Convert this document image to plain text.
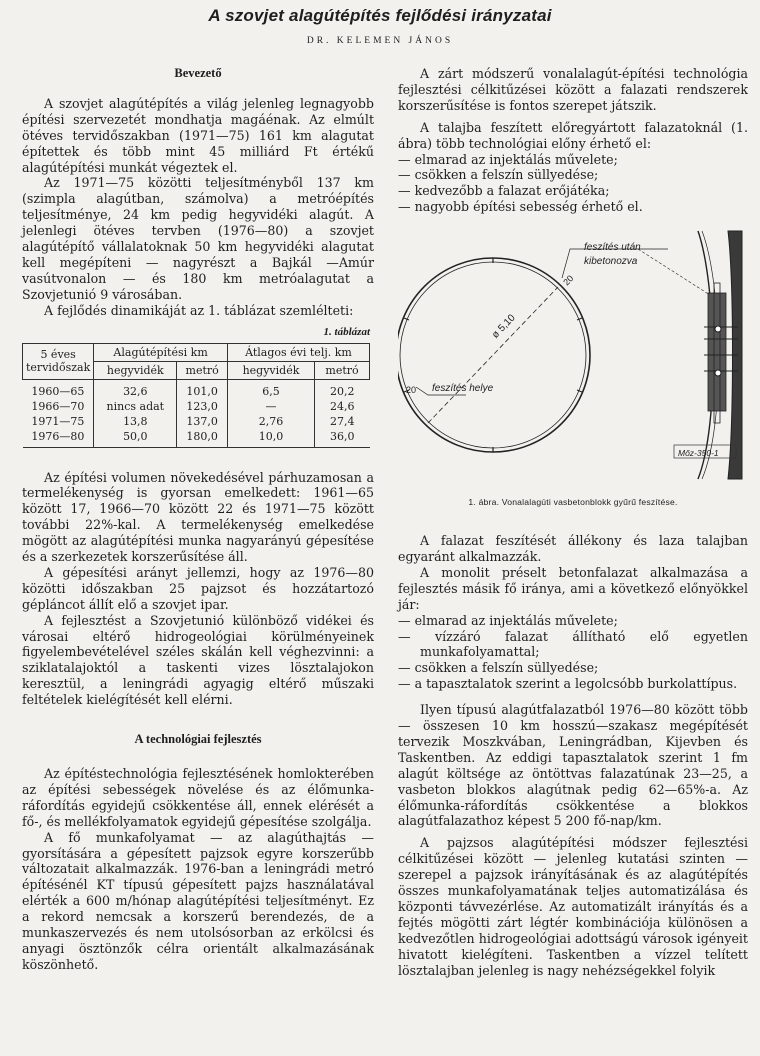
A szovjet alagútépítés fejlődési irányzatai
DR. KELEMEN JÁNOS

Bevezető

A szovjet alagútépítés a világ jelenleg legnagyobb építési szervezetét mondhatja magáénak. Az elmúlt ötéves tervidőszakban (1971—75) 161 km alagutat építettek és több mint 45 milliárd Ft értékű alagútépítési munkát végeztek el.

Az 1971—75 közötti teljesítményből 137 km (szimpla alagútban, számolva) a metróépítés teljesítménye, 24 km pedig hegyvidéki alagút. A jelenlegi ötéves tervben (1976—80) a szovjet alagútépítő vállalatoknak 50 km hegyvidéki alagutat kell megépíteni — nagyrészt a Bajkál —Amúr vasútvonalon — és 180 km metróalagutat a Szovjetunió 9 városában.

A fejlődés dinamikáját az 1. táblázat szemlélteti:

1. táblázat
5 éves tervidőszak	Alagútépítési km		Átlagos évi telj. km	
	hegyvidék	metró	hegyvidék	metró
1960—65	32,6	101,0	6,5	20,2
1966—70	nincs adat	123,0	—	24,6
1971—75	13,8	137,0	2,76	27,4
1976—80	50,0	180,0	10,0	36,0

Az építési volumen növekedésével párhuzamosan a termelékenység is gyorsan emelkedett: 1961—65 között 17, 1966—70 között 22 és 1971—75 között további 22%-kal. A termelékenység emelkedése mögött az alagútépítési munka nagyarányú gépesítése és a szerkezetek korszerűsítése áll.

A gépesítési arányt jellemzi, hogy az 1976—80 közötti időszakban 25 pajzsot és hozzátartozó gépláncot állít elő a szovjet ipar.

A fejlesztést a Szovjetunió különböző vidékei és városai eltérő hidrogeológiai körülményeinek figyelembevételével széles skálán kell véghezvinni: a sziklatalajoktól a taskenti vizes lösztalajokon keresztül, a leningrádi agyagig eltérő műszaki feltételek kielégítését kell elérni.

A technológiai fejlesztés

Az építéstechnológia fejlesztésének homlokterében az építési sebességek növelése és az élőmunka-ráfordítás egyidejű csökkentése áll, ennek elérését a fő-, és mellékfolyamatok egyidejű gépesítése szolgálja.

A fő munkafolyamat — az alagúthajtás — gyorsítására a gépesített pajzsok egyre korszerűbb változatait alkalmazzák. 1976-ban a leningrádi metró építésénél KT típusú gépesített pajzs használatával elérték a 600 m/hónap alagútépítési teljesítményt. Ez a rekord nemcsak a korszerű berendezés, de a munkaszervezés és nem utolsósorban az erkölcsi és anyagi ösztönzők célra orientált alkalmazásának köszönhető.

A zárt módszerű vonalalagút-építési technológia fejlesztési célkitűzései között a falazati rendszerek korszerűsítése is fontos szerepet játszik.

A talajba feszített előregyártott falazatoknál (1. ábra) több technológiai előny érhető el:

— elmarad az injektálás művelete;
— csökken a felszín süllyedése;
— kedvezőbb a falazat erőjátéka;
— nagyobb építési sebesség érhető el.
feszítés után
kibetonozva
feszítés helye
ø 5,10
20
20
Mőz-350-1
1. ábra. Vonalalagúti vasbetonblokk gyűrű feszítése.

A falazat feszítését állékony és laza talajban egyaránt alkalmazzák.

A monolit préselt betonfalazat alkalmazása a fejlesztés másik fő iránya, ami a következő előnyökkel jár:

— elmarad az injektálás művelete;
— vízzáró falazat állítható elő egyetlen munkafolyamattal;
— csökken a felszín süllyedése;
— a tapasztalatok szerint a legolcsóbb burkolattípus.

Ilyen típusú alagútfalazatból 1976—80 között több — összesen 10 km hosszú—szakasz megépítését tervezik Moszkvában, Leningrádban, Kijevben és Taskentben. Az eddigi tapasztalatok szerint 1 fm alagút költsége az öntöttvas falazatúnak 23—25, a vasbeton blokkos alagútnak pedig 62—65%-a. Az élőmunka-ráfordítás csökkentése a blokkos alagútfalazathoz képest 5 200 fő-nap/km.

A pajzsos alagútépítési módszer fejlesztési célkitűzései között — jelenleg kutatási szinten — szerepel a pajzsok irányításának és az alagútépítés összes munkafolyamatának teljes automatizálása és központi távvezérlése. Az automatizált irányítás és a fejtés mögötti zárt légtér kombinációja különösen a kedvezőtlen hidrogeológiai adottságú városok igényeit hivatott kielégíteni. Taskentben a vízzel telített lösztalajban jelenleg is nagy nehézségekkel folyik
